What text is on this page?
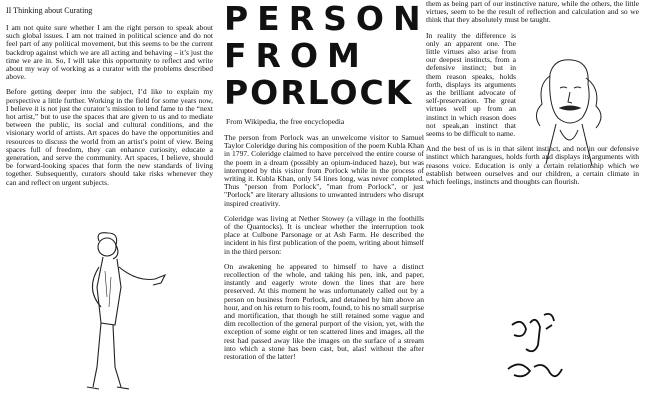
II Thinking about Curating

I am not quite sure whether I am the right person to speak about such global issues. I am not trained in political science and do not feel part of any political movement, but this seems to be the current backdrop against which we are all acting and behaving – it’s just the time we are in. So, I will take this opportunity to reflect and write about my way of working as a curator with the problems described above.

Before getting deeper into the subject, I’d like to explain my perspective a little further. Working in the field for some years now, I believe it is not just the curator’s mission to lend fame to the “next hot artist,” but to use the spaces that are given to us and to mediate between the public, its social and cultural conditions, and the visionary world of artists. Art spaces do have the opportunities and resources to discuss the world from an artist’s point of view. Being spaces full of freedom, they can enhance curiosity, educate a generation, and serve the community. Art spaces, I believe, should be forward-looking spaces that form the new standards of living together. Subsequently, curators should take risks whenever they can and reflect on urgent subjects.

PERSON
FROM
PORLOCK
From Wikipedia, the free encyclopedia

The person from Porlock was an unwelcome visitor to Samuel Taylor Coleridge during his composition of the poem Kubla Khan in 1797. Coleridge claimed to have perceived the entire course of the poem in a dream (possibly an opium-induced haze), but was interrupted by this visitor from Porlock while in the process of writing it. Kubla Khan, only 54 lines long, was never completed. Thus "person from Porlock", "man from Porlock", or just "Porlock" are literary allusions to unwanted intruders who disrupt inspired creativity.

Coleridge was living at Nether Stowey (a village in the foothills of the Quantocks). It is unclear whether the interruption took place at Culbone Parsonage or at Ash Farm. He described the incident in his first publication of the poem, writing about himself in the third person:

On awakening he appeared to himself to have a distinct recollection of the whole, and taking his pen, ink, and paper, instantly and eagerly wrote down the lines that are here preserved. At this moment he was unfortunately called out by a person on business from Porlock, and detained by him above an hour, and on his return to his room, found, to his no small surprise and mortification, that though he still retained some vague and dim recollection of the general purport of the vision, yet, with the exception of some eight or ten scattered lines and images, all the rest had passed away like the images on the surface of a stream into which a stone has been cast, but, alas! without the after restoration of the latter!

them as being part of our instinctive nature, while the others, the little virtues, seem to be the result of reflection and calculation and so we think that they absolutely must be taught.

In reality the difference is only an apparent one. The little virtues also arise from our deepest instincts, from a defensive instinct; but in them reason speaks, holds forth, displays its arguments as the brilliant advocate of self-preservation. The great virtues well up from an instinct in which reason does not speak,an instinct that seems to be difficult to name.

And the best of us is in that silent instinct, and not in our defensive instinct which harangues, holds forth and displays its arguments with reasons voice. Education is only a certain relationship which we establish between ourselves and our children, a certain climate in which feelings, instincts and thoughts can flourish.
